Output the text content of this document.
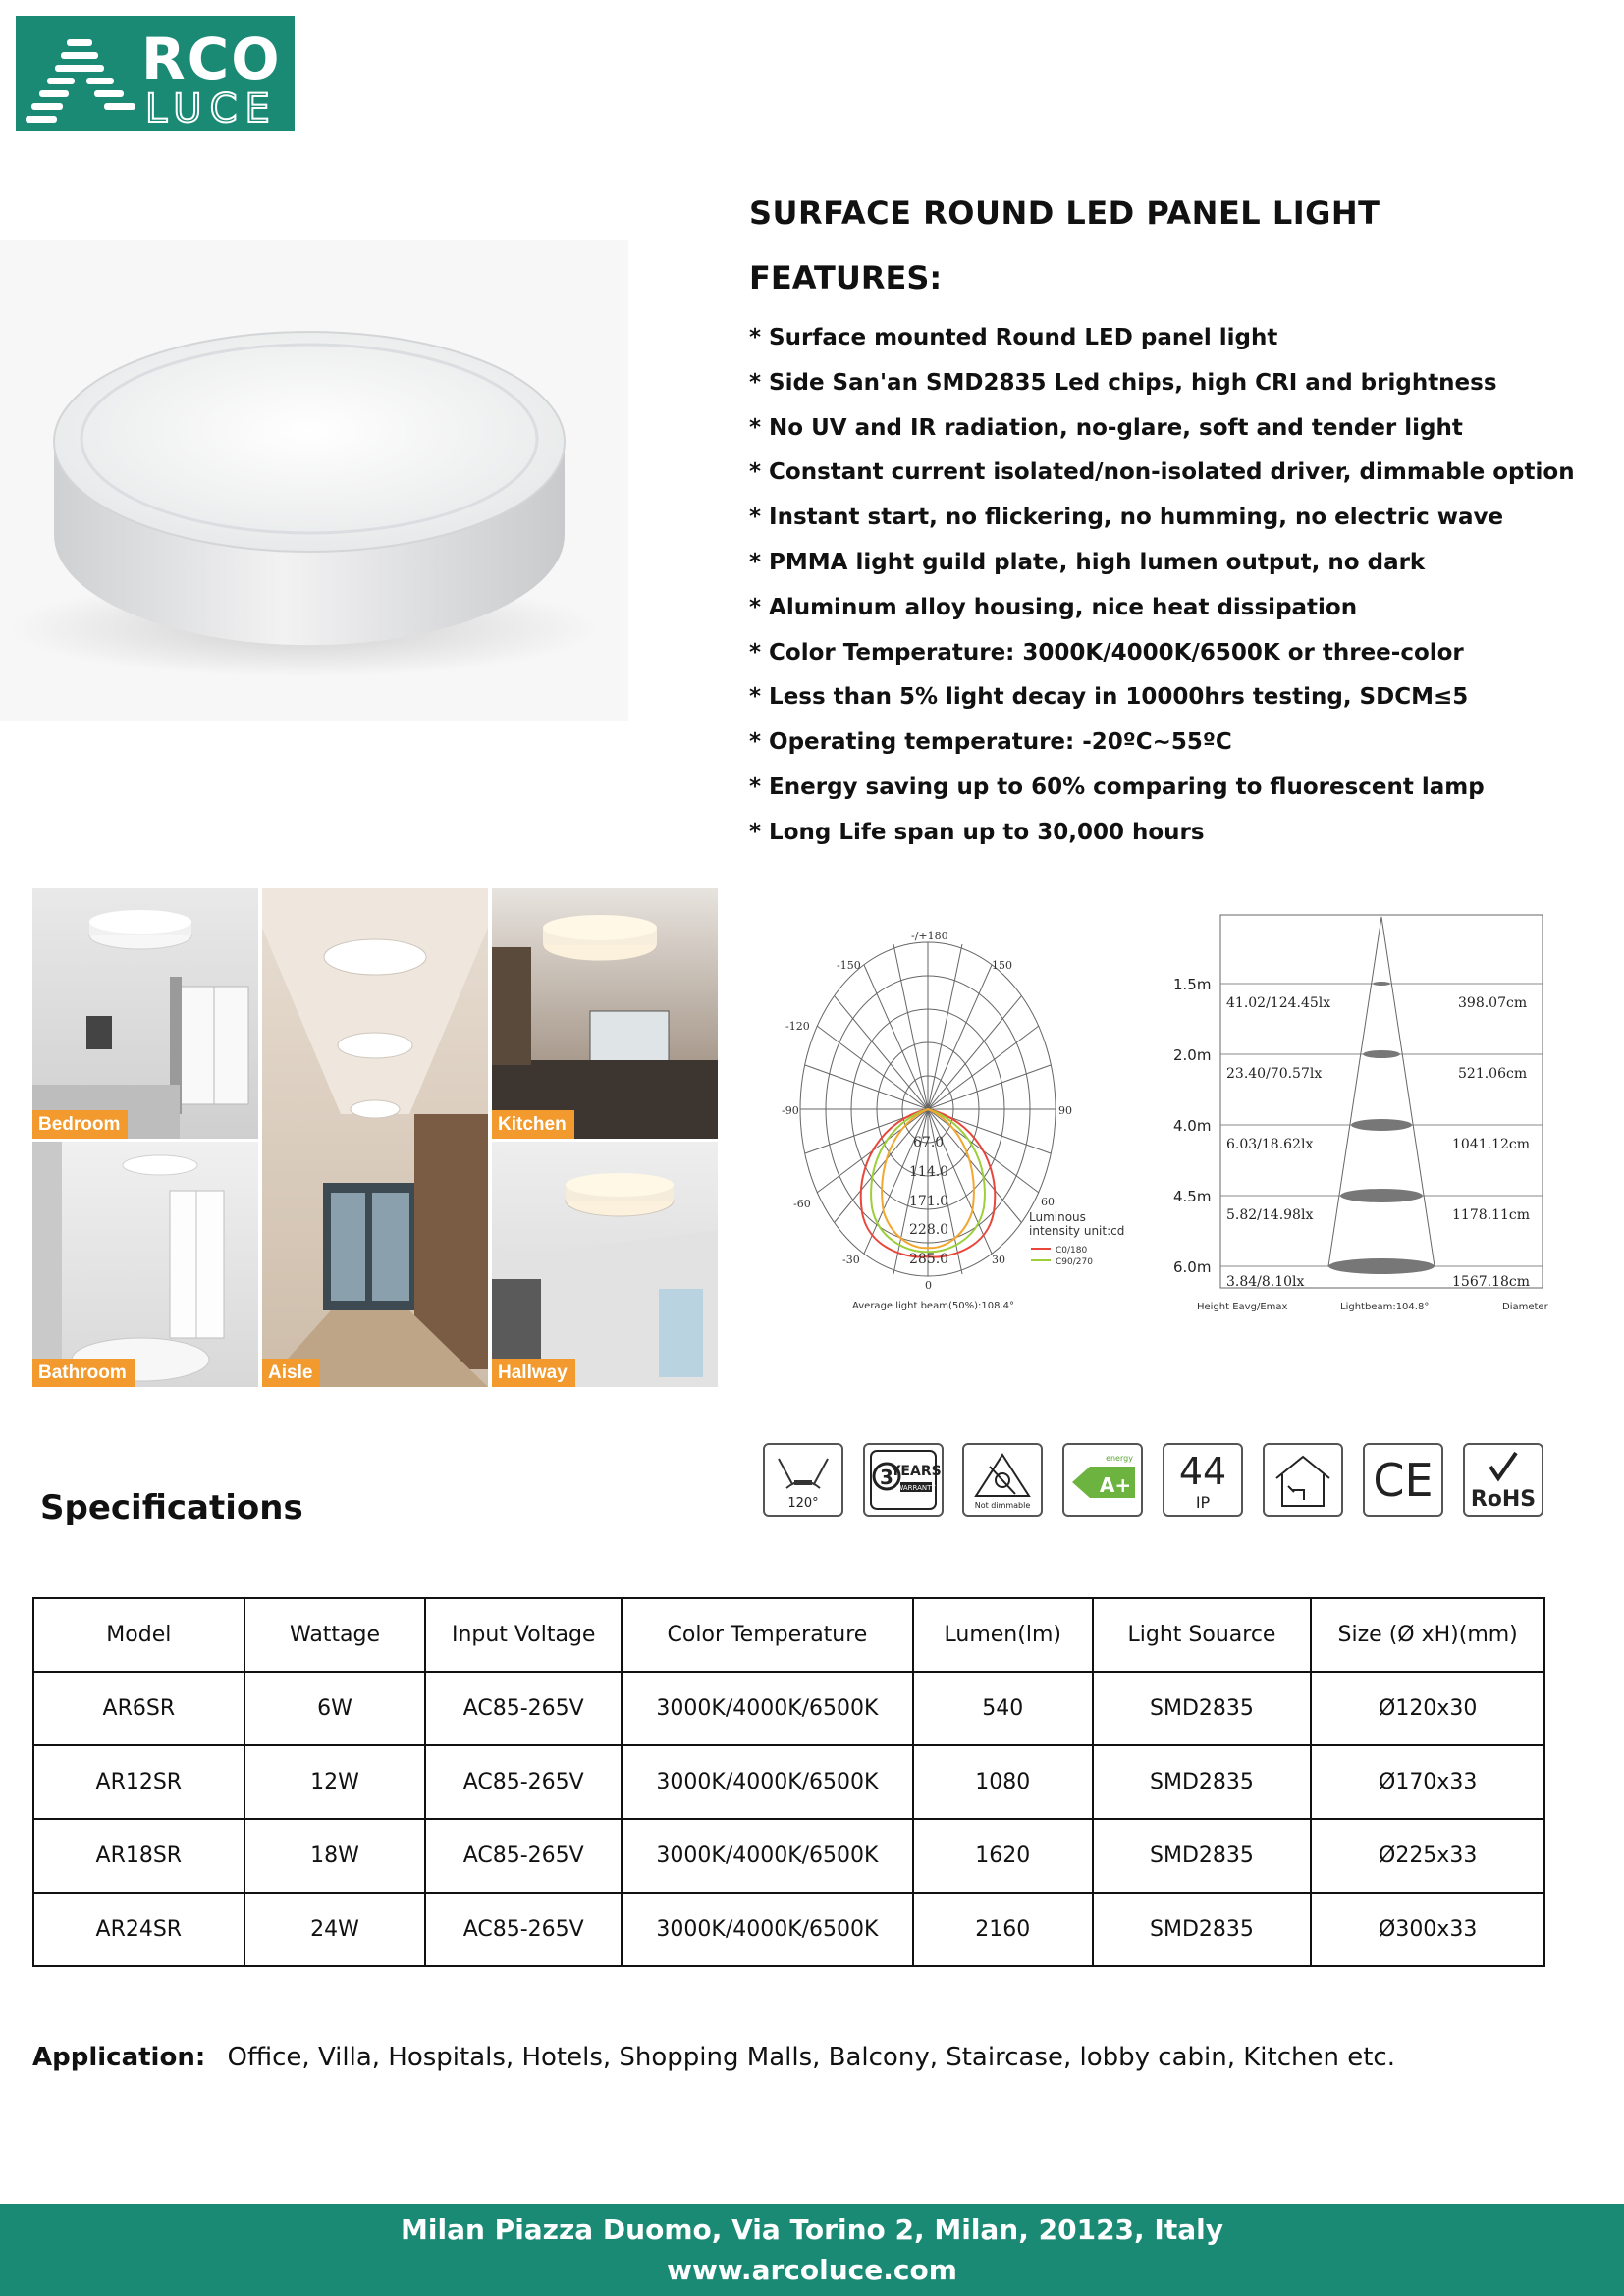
RCO
LUCE
SURFACE ROUND LED PANEL LIGHT
FEATURES:
* Surface mounted Round LED panel light
* Side San'an SMD2835 Led chips, high CRI and brightness
* No UV and IR radiation, no-glare, soft and tender light
* Constant current isolated/non-isolated driver, dimmable option
* Instant start, no flickering, no humming, no electric wave
* PMMA light guild plate, high lumen output, no dark
* Aluminum alloy housing, nice heat dissipation
* Color Temperature: 3000K/4000K/6500K or three-color
* Less than 5% light decay in 10000hrs testing, SDCM≤5
* Operating temperature: -20ºC~55ºC
* Energy saving up to 60% comparing to fluorescent lamp
* Long Life span up to 30,000 hours
Bedroom
Bathroom	Aisle
Kitchen
Hallway
-/+180
-150	150
-120
-90	90
-60	60
-30	30
0
67.0
114.0
171.0
228.0
285.0
Luminous
intensity unit:cd
C0/180
C90/270
Average light beam(50%):108.4°
1.5m
2.0m
4.0m
4.5m
6.0m
41.02/124.45lx
23.40/70.57lx
6.03/18.62lx
5.82/14.98lx
3.84/8.10lx
398.07cm
521.06cm
1041.12cm
1178.11cm
1567.18cm
Height Eavg/Emax	Lightbeam:104.8°	Diameter
120°
3
YEARS
WARRANTY
Not dimmable
energy
A+ 44
IP	CE RoHS
Specifications
Model	Wattage	Input Voltage	Color Temperature	Lumen(lm)	Light Souarce	Size (Ø xH)(mm)
AR6SR	6W	AC85-265V	3000K/4000K/6500K	540	SMD2835	Ø120x30
AR12SR	12W	AC85-265V	3000K/4000K/6500K	1080	SMD2835	Ø170x33
AR18SR	18W	AC85-265V	3000K/4000K/6500K	1620	SMD2835	Ø225x33
AR24SR	24W	AC85-265V	3000K/4000K/6500K	2160	SMD2835	Ø300x33
Application: Office, Villa, Hospitals, Hotels, Shopping Malls, Balcony, Staircase, lobby cabin, Kitchen etc.
Milan Piazza Duomo, Via Torino 2, Milan, 20123, Italy
www.arcoluce.com
